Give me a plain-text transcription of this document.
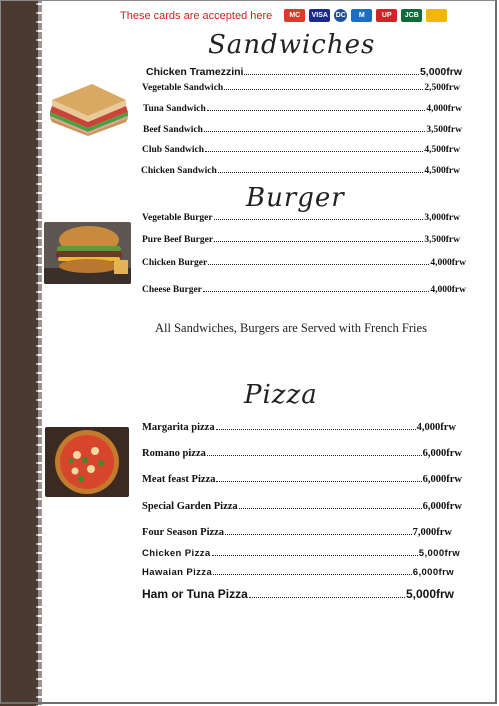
These cards are accepted here	MC	VISA	DC	M	UP	JCB
Sandwiches
Chicken Tramezzini	5,000frw
Vegetable Sandwich	2,500frw
Tuna Sandwich	4,000frw
Beef Sandwich	3,500frw
Club Sandwich	4,500frw
Chicken Sandwich	4,500frw
Burger
Vegetable Burger	3,000frw
Pure Beef Burger	3,500frw
Chicken Burger	4,000frw
Cheese Burger	4,000frw
All Sandwiches, Burgers are Served with French Fries
Pizza
Margarita pizza	4,000frw
Romano pizza	6,000frw
Meat feast Pizza	6,000frw
Special Garden Pizza	6,000frw
Four Season Pizza	7,000frw
Chicken Pizza	5,000frw
Hawaian Pizza	6,000frw
Ham or Tuna Pizza	5,000frw
